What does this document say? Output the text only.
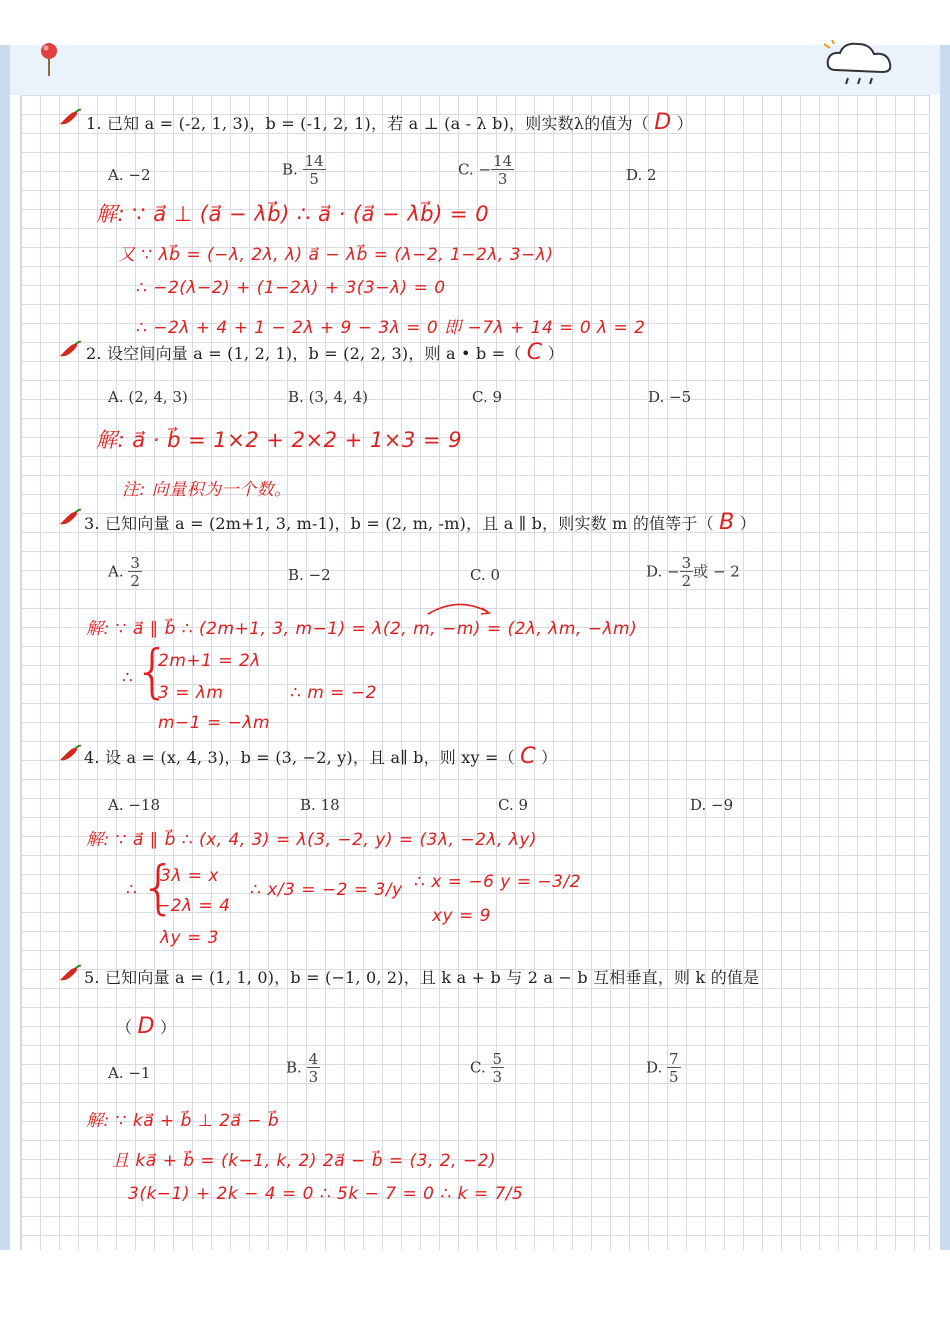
1. 已知 a = (-2, 1, 3)，b = (-1, 2, 1)，若 a ⊥ (a - λ b)，则实数λ的值为（ D ）
A. −2	B. $\frac{14}{5}$	C. − $\frac{14}{3}$	D. 2
解: ∵ a⃗ ⊥ (a⃗ − λb⃗) ∴ a⃗ · (a⃗ − λb⃗) = 0
又 ∵ λb⃗ = (−λ, 2λ, λ) a⃗ − λb⃗ = (λ−2, 1−2λ, 3−λ)
∴ −2(λ−2) + (1−2λ) + 3(3−λ) = 0
∴ −2λ + 4 + 1 − 2λ + 9 − 3λ = 0 即 −7λ + 14 = 0 λ = 2
2. 设空间向量 a = (1, 2, 1)，b = (2, 2, 3)，则 a • b =（ C ）
A. (2, 4, 3)	B. (3, 4, 4)	C. 9	D. −5
解: a⃗ · b⃗ = 1×2 + 2×2 + 1×3 = 9
注: 向量积为一个数。
3. 已知向量 a = (2m+1, 3, m-1)，b = (2, m, -m)，且 a ∥ b，则实数 m 的值等于（ B ）
A. $\frac{3}{2}$	B. −2	C. 0	D. − $\frac{3}{2}$ 或 − 2
解: ∵ a⃗ ∥ b⃗ ∴ (2m+1, 3, m−1) = λ(2, m, −m) = (2λ, λm, −λm)
∴ {
2m+1 = 2λ
3 = λm
m−1 = −λm
∴ m = −2
4. 设 a = (x, 4, 3)，b = (3, −2, y)，且 a∥ b，则 xy =（ C ）
A. −18	B. 18	C. 9	D. −9
解: ∵ a⃗ ∥ b⃗ ∴ (x, 4, 3) = λ(3, −2, y) = (3λ, −2λ, λy)
∴ {
3λ = x
−2λ = 4
λy = 3
∴ x/3 = −2 = 3/y ∴ x = −6 y = −3/2
xy = 9
5. 已知向量 a = (1, 1, 0)，b = (−1, 0, 2)，且 k a + b 与 2 a − b 互相垂直，则 k 的值是
（ D ）
A. −1	B. $\frac{4}{3}$	C. $\frac{5}{3}$	D. $\frac{7}{5}$
解: ∵ ka⃗ + b⃗ ⊥ 2a⃗ − b⃗
且 ka⃗ + b⃗ = (k−1, k, 2) 2a⃗ − b⃗ = (3, 2, −2)
3(k−1) + 2k − 4 = 0 ∴ 5k − 7 = 0 ∴ k = 7/5
